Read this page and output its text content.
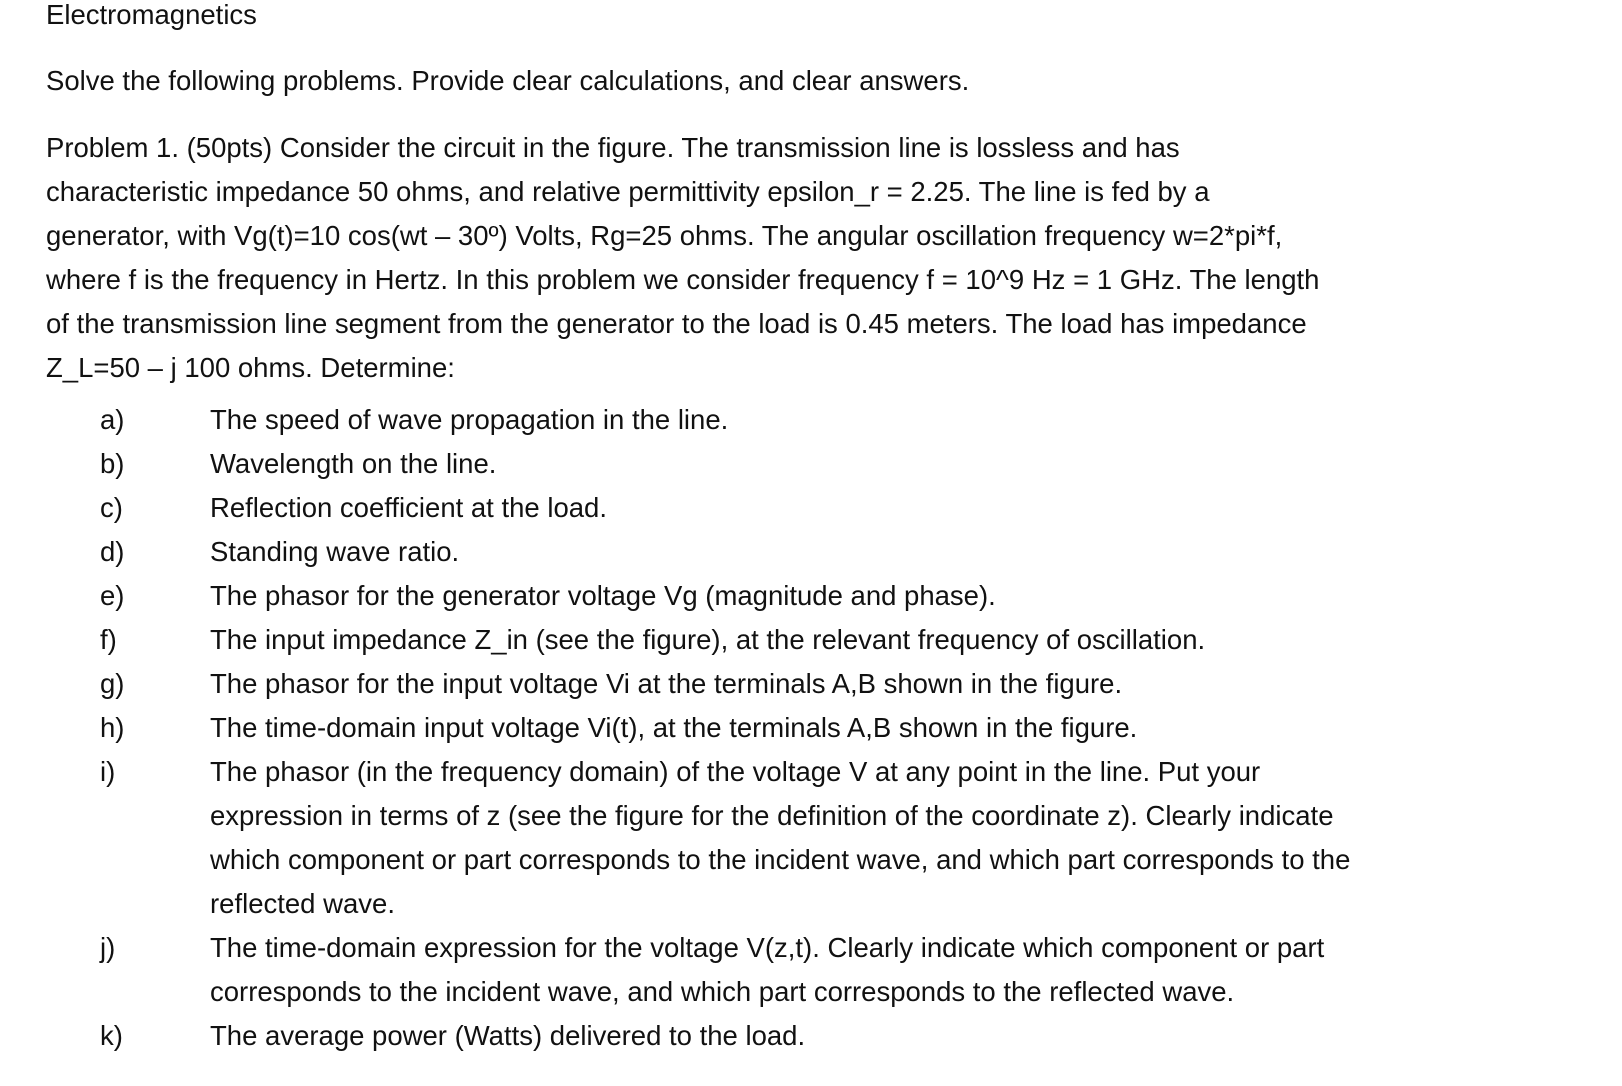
Electromagnetics
Solve the following problems. Provide clear calculations, and clear answers.
Problem 1. (50pts) Consider the circuit in the figure. The transmission line is lossless and has
characteristic impedance 50 ohms, and relative permittivity epsilon_r = 2.25. The line is fed by a
generator, with Vg(t)=10 cos(wt – 30º) Volts, Rg=25 ohms. The angular oscillation frequency w=2*pi*f,
where f is the frequency in Hertz. In this problem we consider frequency f = 10^9 Hz = 1 GHz. The length
of the transmission line segment from the generator to the load is 0.45 meters. The load has impedance
Z_L=50 – j 100 ohms. Determine:
a)	The speed of wave propagation in the line.
b)	Wavelength on the line.
c)	Reflection coefficient at the load.
d)	Standing wave ratio.
e)	The phasor for the generator voltage Vg (magnitude and phase).
f)	The input impedance Z_in (see the figure), at the relevant frequency of oscillation.
g)	The phasor for the input voltage Vi at the terminals A,B shown in the figure.
h)	The time-domain input voltage Vi(t), at the terminals A,B shown in the figure.
i)	The phasor (in the frequency domain) of the voltage V at any point in the line. Put your
expression in terms of z (see the figure for the definition of the coordinate z). Clearly indicate
which component or part corresponds to the incident wave, and which part corresponds to the
reflected wave.
j)	The time-domain expression for the voltage V(z,t). Clearly indicate which component or part
corresponds to the incident wave, and which part corresponds to the reflected wave.
k)	The average power (Watts) delivered to the load.
